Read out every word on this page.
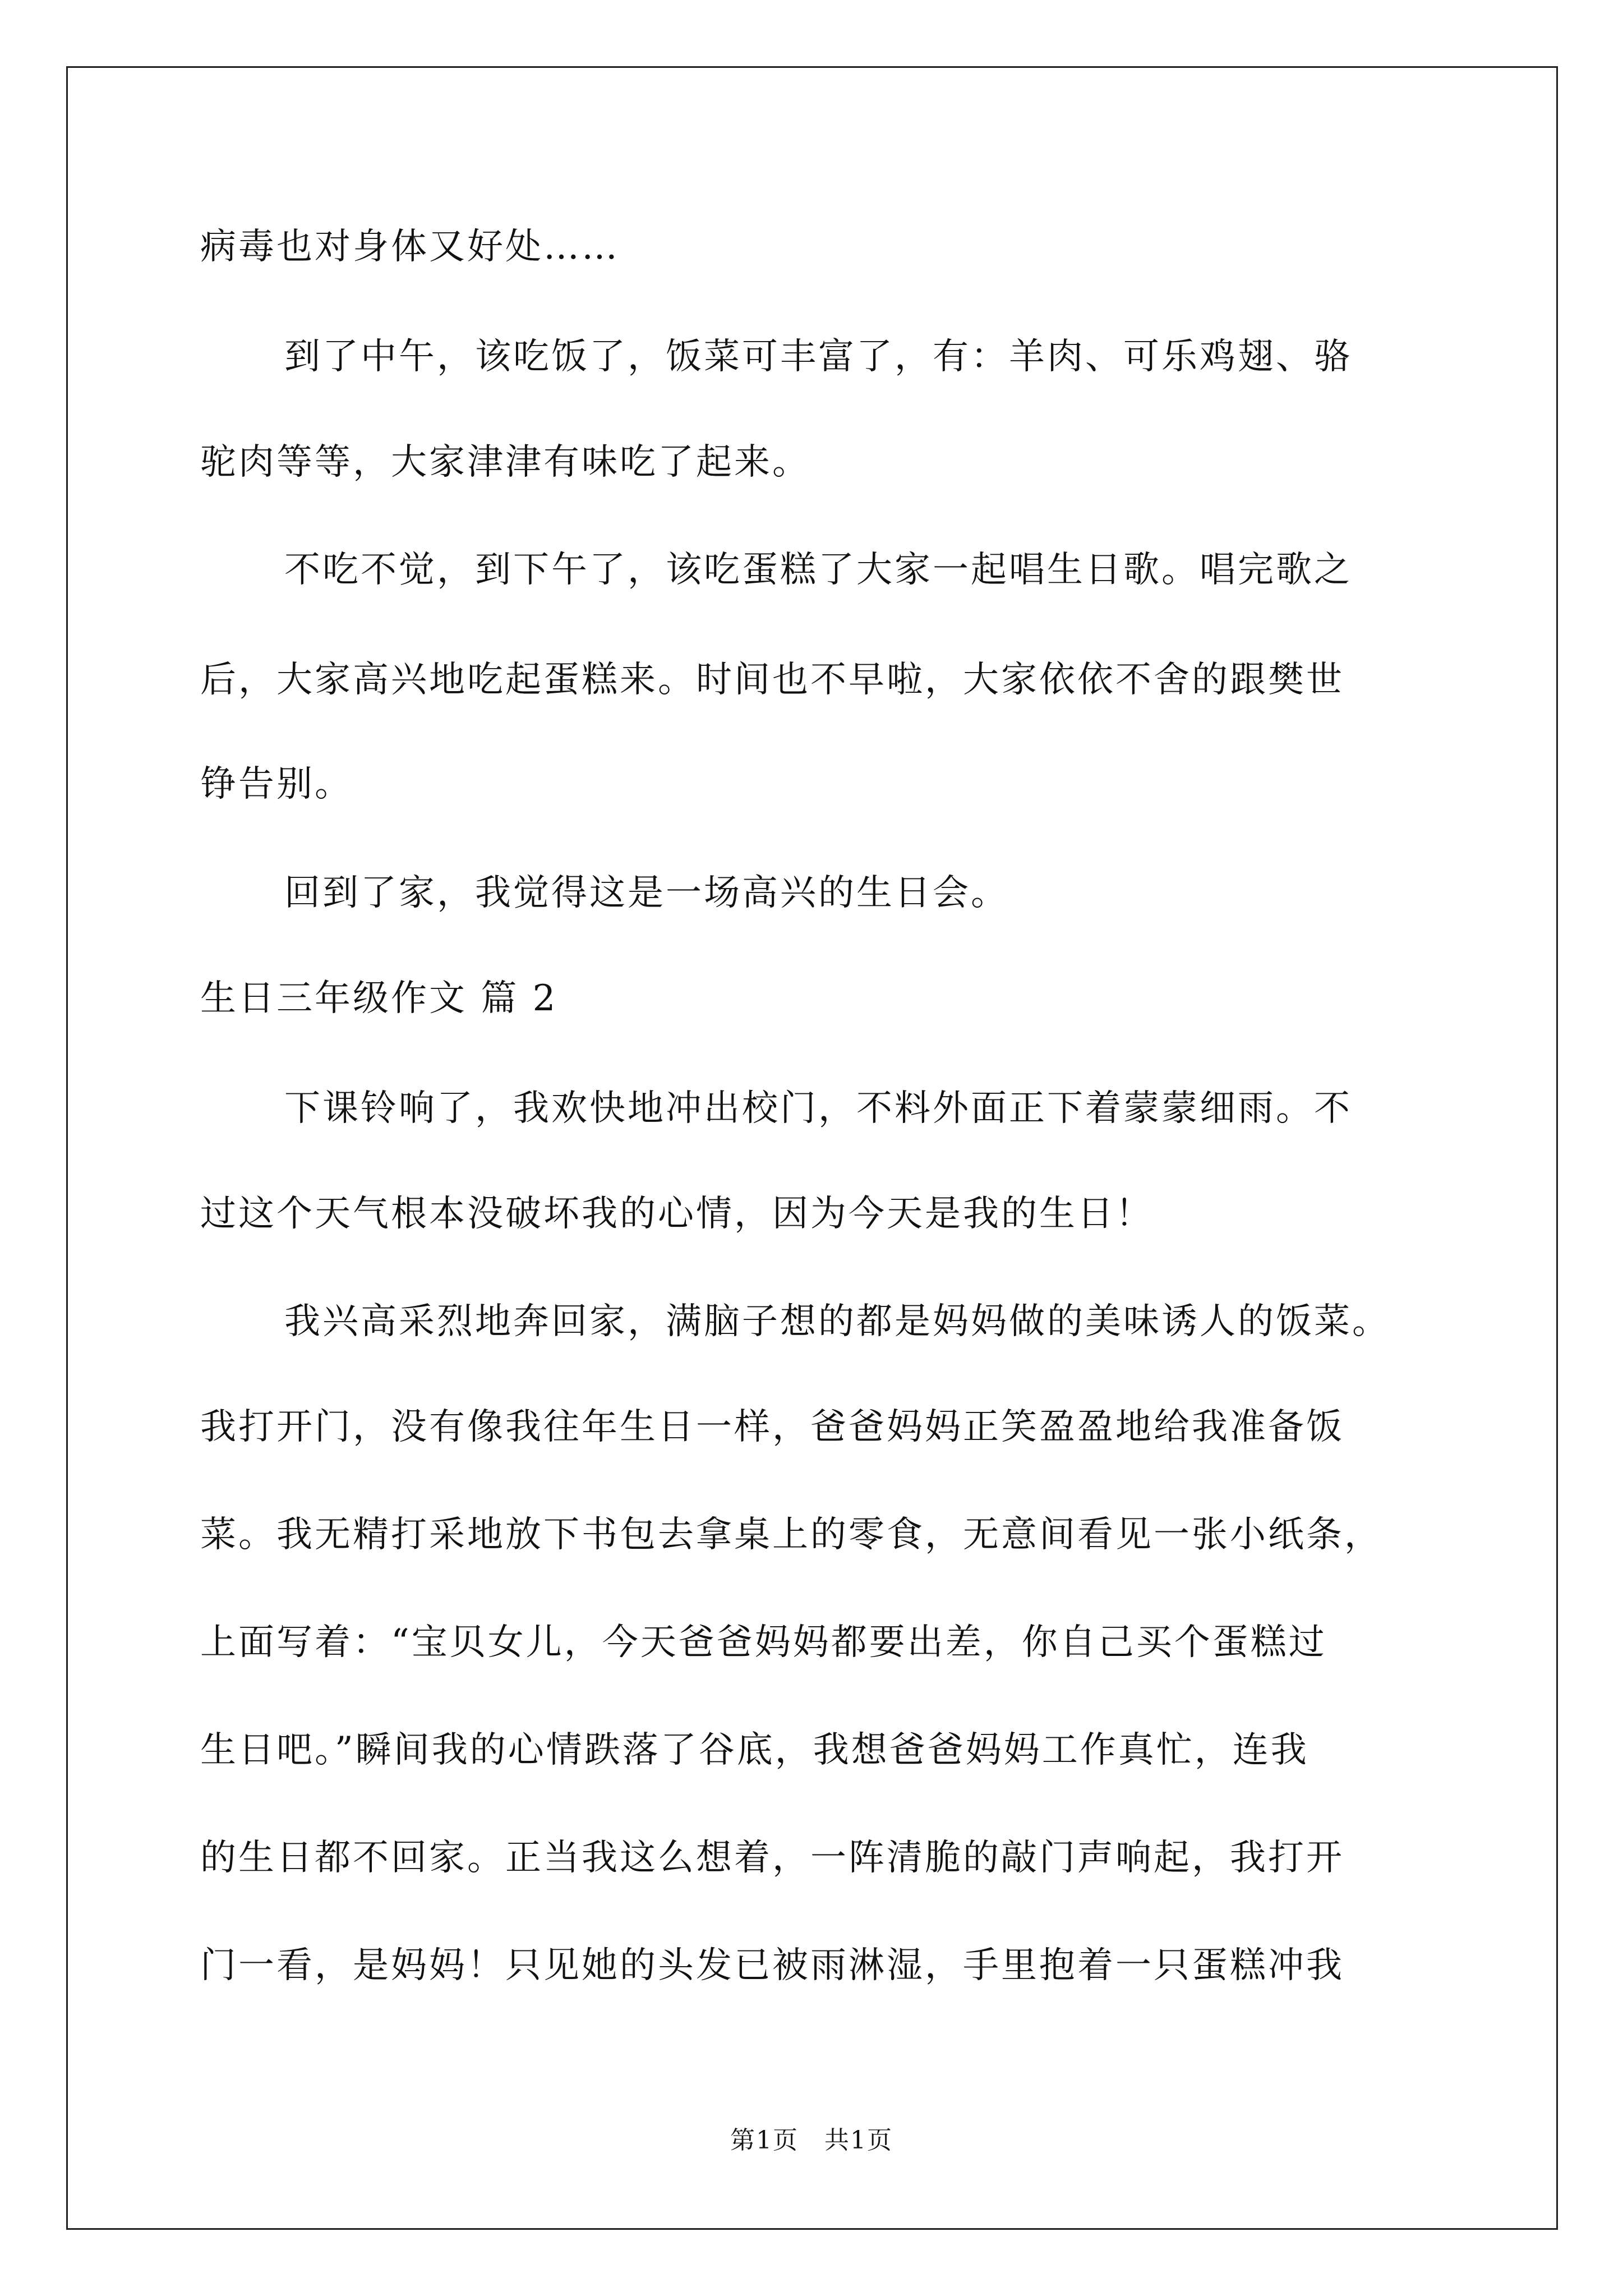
病毒也对身体又好处……

到了中午，该吃饭了，饭菜可丰富了，有：羊肉、可乐鸡翅、骆

驼肉等等，大家津津有味吃了起来。

不吃不觉，到下午了，该吃蛋糕了大家一起唱生日歌。唱完歌之

后，大家高兴地吃起蛋糕来。时间也不早啦，大家依依不舍的跟樊世

铮告别。

回到了家，我觉得这是一场高兴的生日会。

生日三年级作文 篇 2

下课铃响了，我欢快地冲出校门，不料外面正下着蒙蒙细雨。不

过这个天气根本没破坏我的心情，因为今天是我的生日！

我兴高采烈地奔回家，满脑子想的都是妈妈做的美味诱人的饭菜。

我打开门，没有像我往年生日一样，爸爸妈妈正笑盈盈地给我准备饭

菜。我无精打采地放下书包去拿桌上的零食，无意间看见一张小纸条，

上面写着：“宝贝女儿，今天爸爸妈妈都要出差，你自己买个蛋糕过

生日吧。”瞬间我的心情跌落了谷底，我想爸爸妈妈工作真忙，连我

的生日都不回家。正当我这么想着，一阵清脆的敲门声响起，我打开

门一看，是妈妈！只见她的头发已被雨淋湿，手里抱着一只蛋糕冲我

第1页　共1页
